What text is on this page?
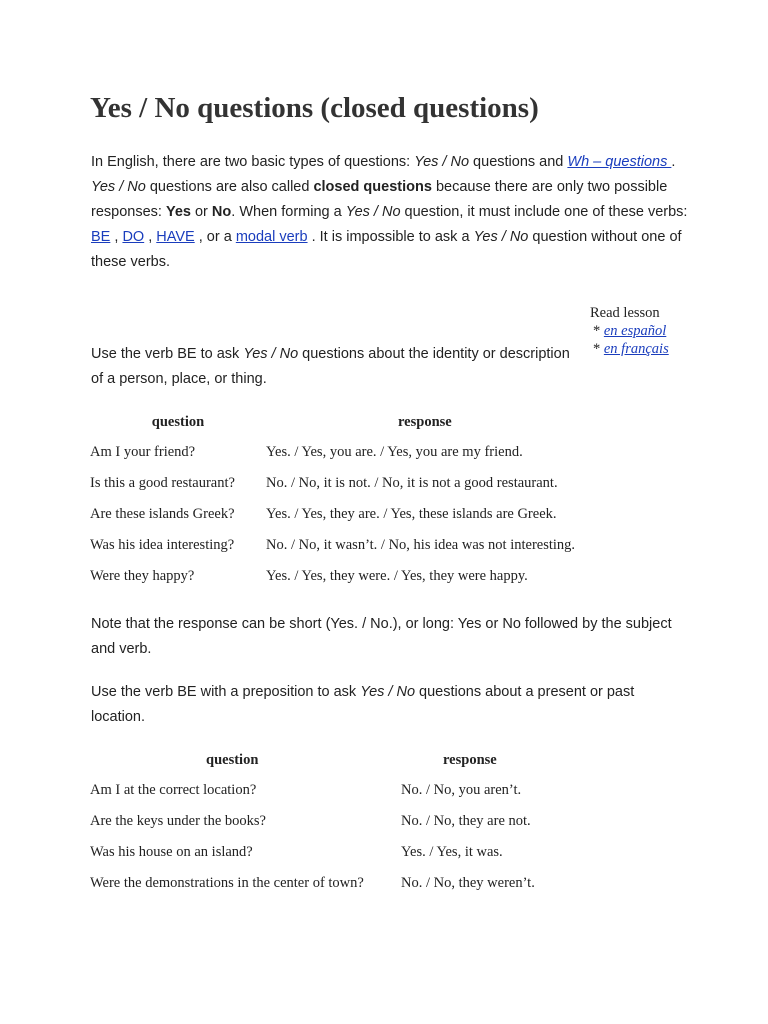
Yes / No questions (closed questions)

In English, there are two basic types of questions: Yes / No questions and Wh – questions . Yes / No questions are also called closed questions because there are only two possible responses: Yes or No. When forming a Yes / No question, it must include one of these verbs: BE , DO , HAVE , or a modal verb . It is impossible to ask a Yes / No question without one of these verbs.

Read lesson
* en español
* en français

Use the verb BE to ask Yes / No questions about the identity or description of a person, place, or thing.

question	response
Am I your friend?	Yes. / Yes, you are. / Yes, you are my friend.
Is this a good restaurant?	No. / No, it is not. / No, it is not a good restaurant.
Are these islands Greek?	Yes. / Yes, they are. / Yes, these islands are Greek.
Was his idea interesting?	No. / No, it wasn’t. / No, his idea was not interesting.
Were they happy?	Yes. / Yes, they were. / Yes, they were happy.

Note that the response can be short (Yes. / No.), or long: Yes or No followed by the subject and verb.

Use the verb BE with a preposition to ask Yes / No questions about a present or past location.

question	response
Am I at the correct location?	No. / No, you aren’t.
Are the keys under the books?	No. / No, they are not.
Was his house on an island?	Yes. / Yes, it was.
Were the demonstrations in the center of town?	No. / No, they weren’t.
